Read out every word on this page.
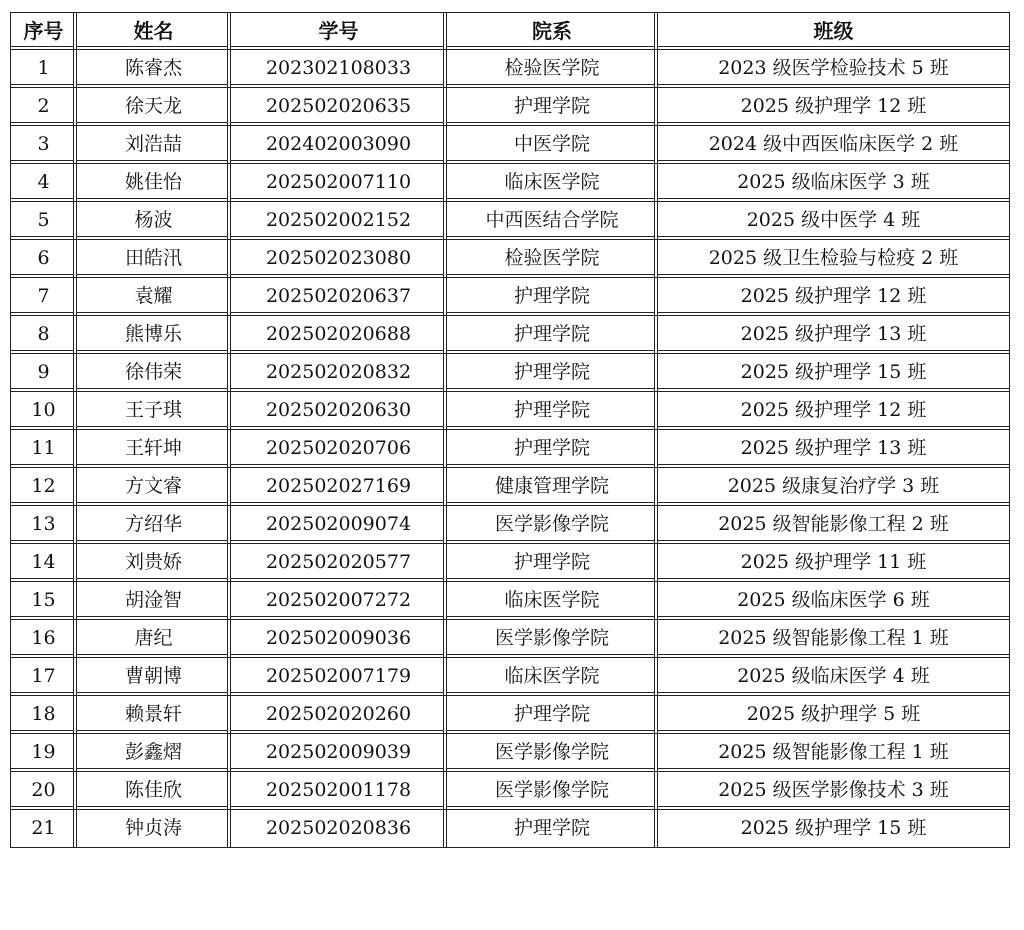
序号	姓名	学号	院系	班级
1	陈睿杰	202302108033	检验医学院	2023 级医学检验技术 5 班
2	徐天龙	202502020635	护理学院	2025 级护理学 12 班
3	刘浩喆	202402003090	中医学院	2024 级中西医临床医学 2 班
4	姚佳怡	202502007110	临床医学院	2025 级临床医学 3 班
5	杨波	202502002152	中西医结合学院	2025 级中医学 4 班
6	田皓汛	202502023080	检验医学院	2025 级卫生检验与检疫 2 班
7	袁耀	202502020637	护理学院	2025 级护理学 12 班
8	熊博乐	202502020688	护理学院	2025 级护理学 13 班
9	徐伟荣	202502020832	护理学院	2025 级护理学 15 班
10	王子琪	202502020630	护理学院	2025 级护理学 12 班
11	王轩坤	202502020706	护理学院	2025 级护理学 13 班
12	方文睿	202502027169	健康管理学院	2025 级康复治疗学 3 班
13	方绍华	202502009074	医学影像学院	2025 级智能影像工程 2 班
14	刘贵娇	202502020577	护理学院	2025 级护理学 11 班
15	胡淦智	202502007272	临床医学院	2025 级临床医学 6 班
16	唐纪	202502009036	医学影像学院	2025 级智能影像工程 1 班
17	曹朝博	202502007179	临床医学院	2025 级临床医学 4 班
18	赖景轩	202502020260	护理学院	2025 级护理学 5 班
19	彭鑫熠	202502009039	医学影像学院	2025 级智能影像工程 1 班
20	陈佳欣	202502001178	医学影像学院	2025 级医学影像技术 3 班
21	钟贞涛	202502020836	护理学院	2025 级护理学 15 班
